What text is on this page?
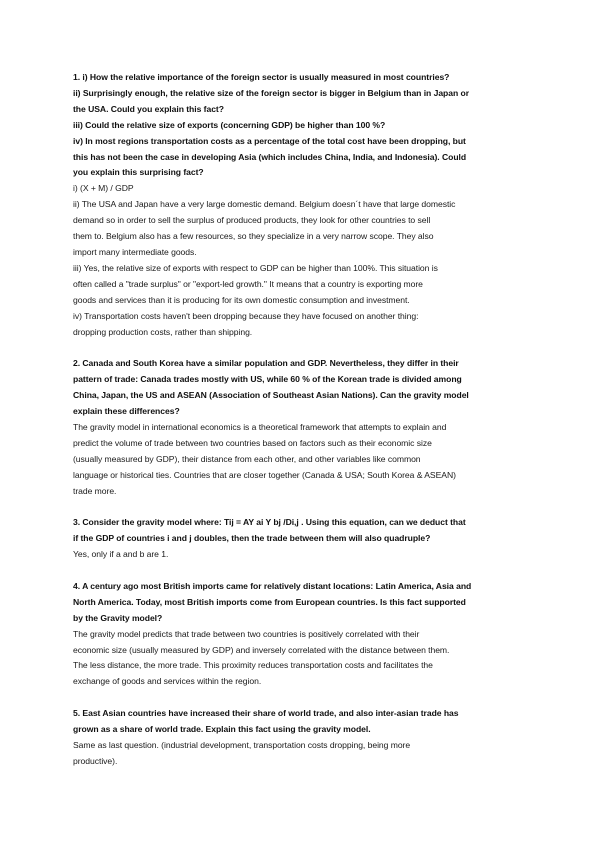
1. i) How the relative importance of the foreign sector is usually measured in most countries?
ii) Surprisingly enough, the relative size of the foreign sector is bigger in Belgium than in Japan or
the USA. Could you explain this fact?
iii) Could the relative size of exports (concerning GDP) be higher than 100 %?
iv) In most regions transportation costs as a percentage of the total cost have been dropping, but
this has not been the case in developing Asia (which includes China, India, and Indonesia). Could
you explain this surprising fact?
i) (X + M) / GDP
ii) The USA and Japan have a very large domestic demand. Belgium doesn´t have that large domestic
demand so in order to sell the surplus of produced products, they look for other countries to sell
them to. Belgium also has a few resources, so they specialize in a very narrow scope. They also
import many intermediate goods.
iii) Yes, the relative size of exports with respect to GDP can be higher than 100%. This situation is
often called a "trade surplus" or "export-led growth." It means that a country is exporting more
goods and services than it is producing for its own domestic consumption and investment.
iv) Transportation costs haven't been dropping because they have focused on another thing:
dropping production costs, rather than shipping.
2. Canada and South Korea have a similar population and GDP. Nevertheless, they differ in their
pattern of trade: Canada trades mostly with US, while 60 % of the Korean trade is divided among
China, Japan, the US and ASEAN (Association of Southeast Asian Nations). Can the gravity model
explain these differences?
The gravity model in international economics is a theoretical framework that attempts to explain and
predict the volume of trade between two countries based on factors such as their economic size
(usually measured by GDP), their distance from each other, and other variables like common
language or historical ties. Countries that are closer together (Canada & USA; South Korea & ASEAN)
trade more.
3. Consider the gravity model where: Tij = AY ai Y bj /Di,j . Using this equation, can we deduct that
if the GDP of countries i and j doubles, then the trade between them will also quadruple?
Yes, only if a and b are 1.
4. A century ago most British imports came for relatively distant locations: Latin America, Asia and
North America. Today, most British imports come from European countries. Is this fact supported
by the Gravity model?
The gravity model predicts that trade between two countries is positively correlated with their
economic size (usually measured by GDP) and inversely correlated with the distance between them.
The less distance, the more trade. This proximity reduces transportation costs and facilitates the
exchange of goods and services within the region.
5. East Asian countries have increased their share of world trade, and also inter-asian trade has
grown as a share of world trade. Explain this fact using the gravity model.
Same as last question. (industrial development, transportation costs dropping, being more
productive).
